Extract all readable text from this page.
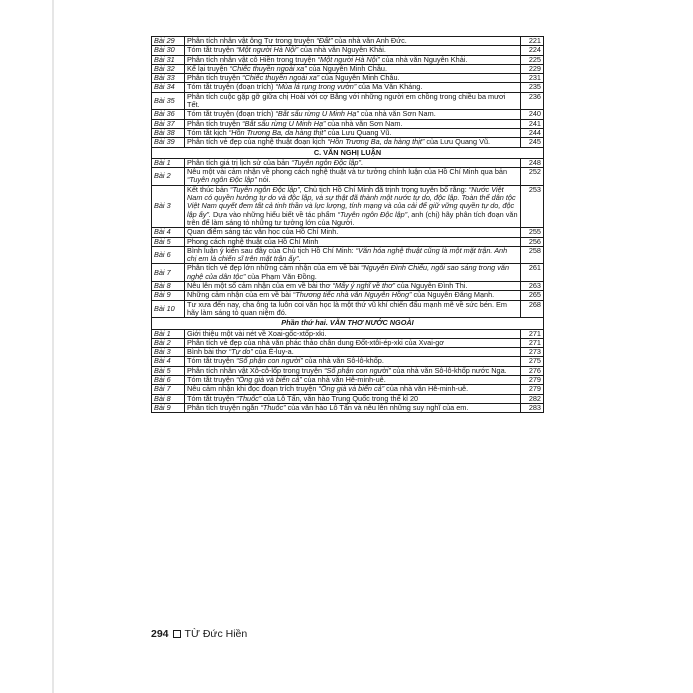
Bài 29	Phân tích nhân vật ông Tư trong truyện “Đất” của nhà văn Anh Đức.	221
Bài 30	Tóm tắt truyện “Một người Hà Nội” của nhà văn Nguyễn Khải.	224
Bài 31	Phân tích nhân vật cô Hiền trong truyện “Một người Hà Nội” của nhà văn Nguyễn Khải.	225
Bài 32	Kể lại truyện “Chiếc thuyền ngoài xa” của Nguyễn Minh Châu.	229
Bài 33	Phân tích truyện “Chiếc thuyền ngoài xa” của Nguyễn Minh Châu.	231
Bài 34	Tóm tắt truyện (đoạn trích) “Mùa lá rụng trong vườn” của Ma Văn Kháng.	235
Bài 35	Phân tích cuộc gặp gỡ giữa chị Hoài với cợ Bằng với những người em chồng trong chiều ba mươi Tết.	236
Bài 36	Tóm tắt truyện (đoạn trích) “Bắt sấu rừng U Minh Hạ” của nhà văn Sơn Nam.	240
Bài 37	Phân tích truyện “Bắt sấu rừng U Minh Hạ” của nhà văn Sơn Nam.	241
Bài 38	Tóm tắt kịch “Hồn Trương Ba, da hàng thịt” của Lưu Quang Vũ.	244
Bài 39	Phân tích vẻ đẹp của nghệ thuật đoạn kịch “Hồn Trương Ba, da hàng thịt” của Lưu Quang Vũ.	245
C. VĂN NGHỊ LUẬN		
Bài 1	Phân tích giá trị lịch sử của bản “Tuyên ngôn Độc lập”.	248
Bài 2	Nêu một vài cảm nhận về phong cách nghệ thuật và tư tưởng chính luận của Hồ Chí Minh qua bản “Tuyên ngôn Độc lập” nói.	252
Bài 3	Kết thúc bản “Tuyên ngôn Độc lập”, Chủ tịch Hồ Chí Minh đã trịnh trọng tuyên bố rằng: “Nước Việt Nam có quyền hưởng tự do và độc lập, và sự thật đã thành một nước tự do, độc lập. Toàn thể dân tộc Việt Nam quyết đem tất cả tinh thần và lực lượng, tính mạng và của cải để giữ vững quyền tự do, độc lập ấy”. Dựa vào những hiểu biết về tác phẩm “Tuyên ngôn Độc lập”, anh (chị) hãy phân tích đoạn văn trên để làm sáng tỏ những tư tưởng lớn của Người.	253
Bài 4	Quan điểm sáng tác văn học của Hồ Chí Minh.	255
Bài 5	Phong cách nghệ thuật của Hồ Chí Minh	256
Bài 6	Bình luận ý kiến sau đây của Chủ tịch Hồ Chí Minh: “Văn hóa nghệ thuật cũng là một mặt trận. Anh chị em là chiến sĩ trên mặt trận ấy”.	258
Bài 7	Phân tích vẻ đẹp lớn những cảm nhận của em về bài “Nguyễn Đình Chiểu, ngôi sao sáng trong văn nghệ của dân tộc” của Phạm Văn Đồng.	261
Bài 8	Nêu lên một số cảm nhận của em về bài thơ “Mấy ý nghĩ về thơ” của Nguyễn Đình Thi.	263
Bài 9	Những cảm nhận của em về bài “Thương tiếc nhà văn Nguyễn Hồng” của Nguyễn Đăng Mạnh.	265
Bài 10	Tư xưa đến nay, cha ông ta luôn coi văn học là một thứ vũ khí chiến đấu mạnh mẽ về sức bén. Em hãy làm sáng tỏ quan niệm đó.	268
Phần thứ hai. VĂN THƠ NƯỚC NGOÀI		
Bài 1	Giới thiệu một vài nét về Xoai-gốc-xtốp-xki.	271
Bài 2	Phân tích vẻ đẹp của nhà văn phác thảo chân dung Đốt-xtôi-ép-xki của Xvai-gơ	271
Bài 3	Bình bài thơ “Tự do” của Ê-luy-a.	273
Bài 4	Tóm tắt truyện “Số phận con người” của nhà văn Sô-lô-khốp.	275
Bài 5	Phân tích nhân vật Xô-cô-lốp trong truyện “Số phận con người” của nhà văn Sô-lô-khốp nước Nga.	276
Bài 6	Tóm tắt truyện “Ông già và biển cả” của nhà văn Hê-minh-uê.	279
Bài 7	Nêu cảm nhận khi đọc đoạn trích truyện “Ông già và biển cả” của nhà văn Hê-minh-uê.	279
Bài 8	Tóm tắt truyện “Thuốc” của Lỗ Tấn, văn hào Trung Quốc trong thế kỉ 20	282
Bài 9	Phân tích truyện ngắn “Thuốc” của văn hào Lỗ Tấn và nêu lên những suy nghĩ của em.	283
294 TỪ Đức Hiền
